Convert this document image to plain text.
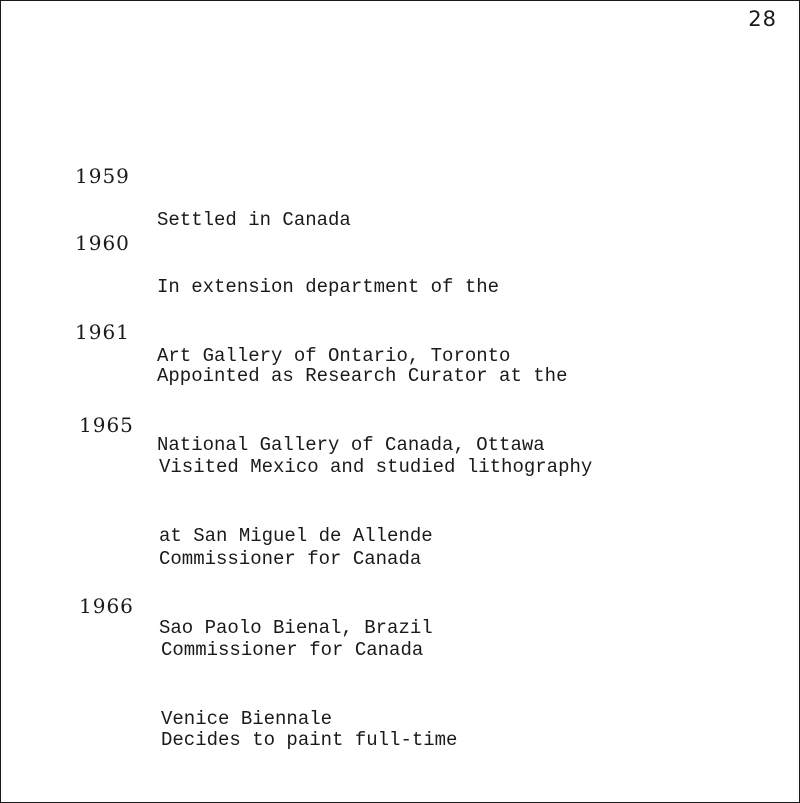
28
1959

Settled in Canada

1960

In extension department of the

Art Gallery of Ontario, Toronto

1961

Appointed as Research Curator at the

National Gallery of Canada, Ottawa

1965

Visited Mexico and studied lithography

at San Miguel de Allende

Commissioner for Canada

Sao Paolo Bienal, Brazil

1966

Commissioner for Canada

Venice Biennale

Decides to paint full-time
